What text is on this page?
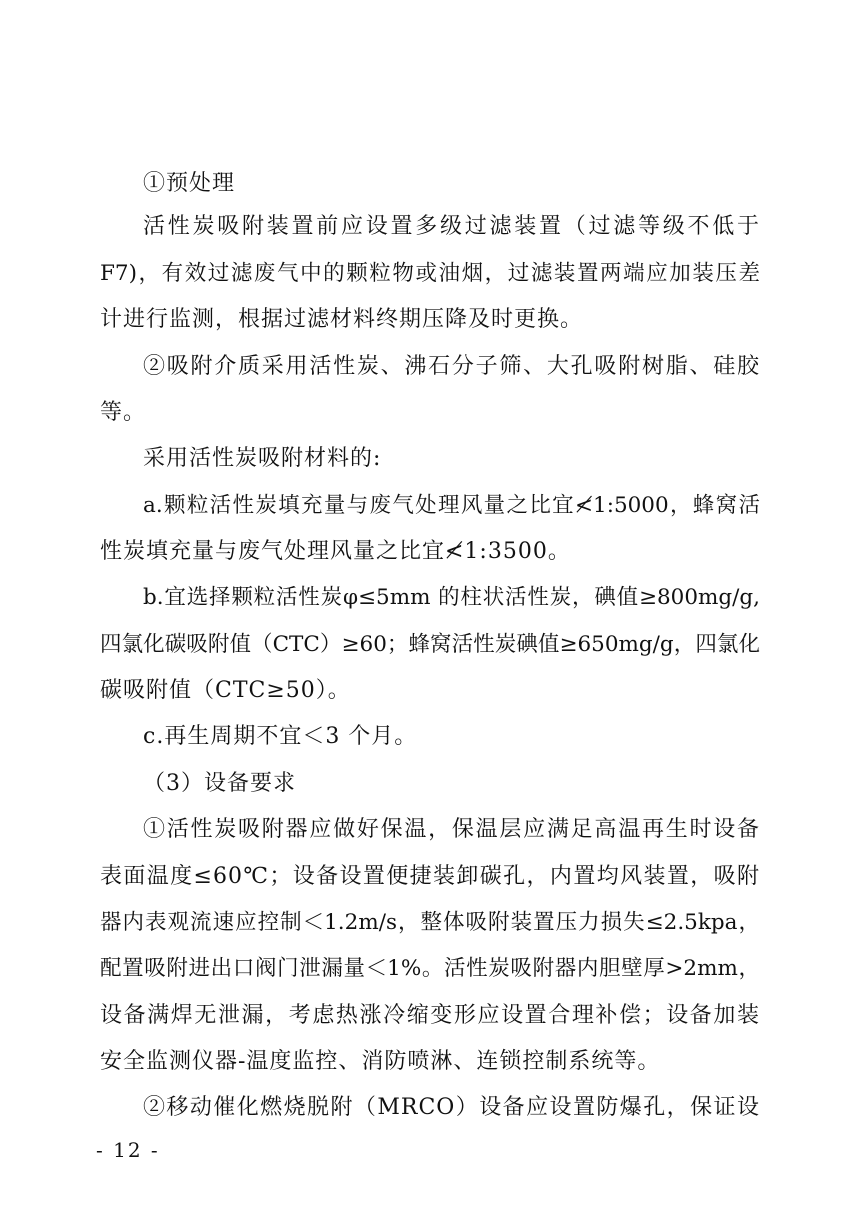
①预处理
活性炭吸附装置前应设置多级过滤装置（过滤等级不低于
F7)，有效过滤废气中的颗粒物或油烟，过滤装置两端应加装压差
计进行监测，根据过滤材料终期压降及时更换。
②吸附介质采用活性炭、沸石分子筛、大孔吸附树脂、硅胶
等。
采用活性炭吸附材料的:
a.颗粒活性炭填充量与废气处理风量之比宜≮1:5000，蜂窝活
性炭填充量与废气处理风量之比宜≮1:3500。
b.宜选择颗粒活性炭φ≤5mm 的柱状活性炭，碘值≥800mg/g,
四氯化碳吸附值（CTC）≥60；蜂窝活性炭碘值≥650mg/g，四氯化
碳吸附值（CTC≥50）。
c.再生周期不宜＜3 个月。
（3）设备要求
①活性炭吸附器应做好保温，保温层应满足高温再生时设备
表面温度≤60℃；设备设置便捷装卸碳孔，内置均风装置，吸附
器内表观流速应控制＜1.2m/s，整体吸附装置压力损失≤2.5kpa，
配置吸附进出口阀门泄漏量＜1%。活性炭吸附器内胆壁厚>2mm，
设备满焊无泄漏，考虑热涨冷缩变形应设置合理补偿；设备加装
安全监测仪器-温度监控、消防喷淋、连锁控制系统等。
②移动催化燃烧脱附（MRCO）设备应设置防爆孔，保证设
- 12 -
